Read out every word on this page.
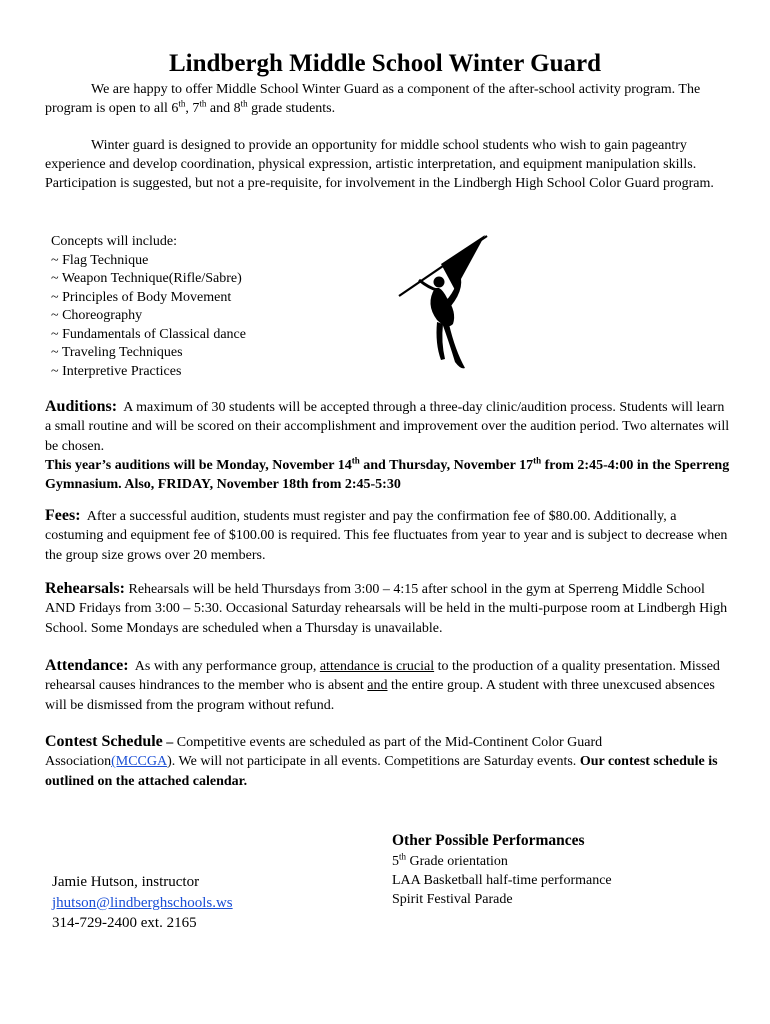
Lindbergh Middle School Winter Guard
We are happy to offer Middle School Winter Guard as a component of the after-school activity program. The program is open to all 6th, 7th and 8th grade students.
Winter guard is designed to provide an opportunity for middle school students who wish to gain pageantry experience and develop coordination, physical expression, artistic interpretation, and equipment manipulation skills. Participation is suggested, but not a pre-requisite, for involvement in the Lindbergh High School Color Guard program.
Concepts will include:
~ Flag Technique
~ Weapon Technique(Rifle/Sabre)
~ Principles of Body Movement
~ Choreography
~ Fundamentals of Classical dance
~ Traveling Techniques
~ Interpretive Practices
Auditions: A maximum of 30 students will be accepted through a three-day clinic/audition process. Students will learn a small routine and will be scored on their accomplishment and improvement over the audition period. Two alternates will be chosen.
This year’s auditions will be Monday, November 14th and Thursday, November 17th from 2:45-4:00 in the Sperreng Gymnasium. Also, FRIDAY, November 18th from 2:45-5:30
Fees: After a successful audition, students must register and pay the confirmation fee of $80.00. Additionally, a costuming and equipment fee of $100.00 is required. This fee fluctuates from year to year and is subject to decrease when the group size grows over 20 members.
Rehearsals: Rehearsals will be held Thursdays from 3:00 – 4:15 after school in the gym at Sperreng Middle School AND Fridays from 3:00 – 5:30. Occasional Saturday rehearsals will be held in the multi-purpose room at Lindbergh High School. Some Mondays are scheduled when a Thursday is unavailable.
Attendance: As with any performance group, attendance is crucial to the production of a quality presentation. Missed rehearsal causes hindrances to the member who is absent and the entire group. A student with three unexcused absences will be dismissed from the program without refund.
Contest Schedule – Competitive events are scheduled as part of the Mid-Continent Color Guard Association(MCCGA). We will not participate in all events. Competitions are Saturday events. Our contest schedule is outlined on the attached calendar.
Other Possible Performances
5th Grade orientation
LAA Basketball half-time performance
Spirit Festival Parade
Jamie Hutson, instructor
jhutson@lindberghschools.ws
314-729-2400 ext. 2165
